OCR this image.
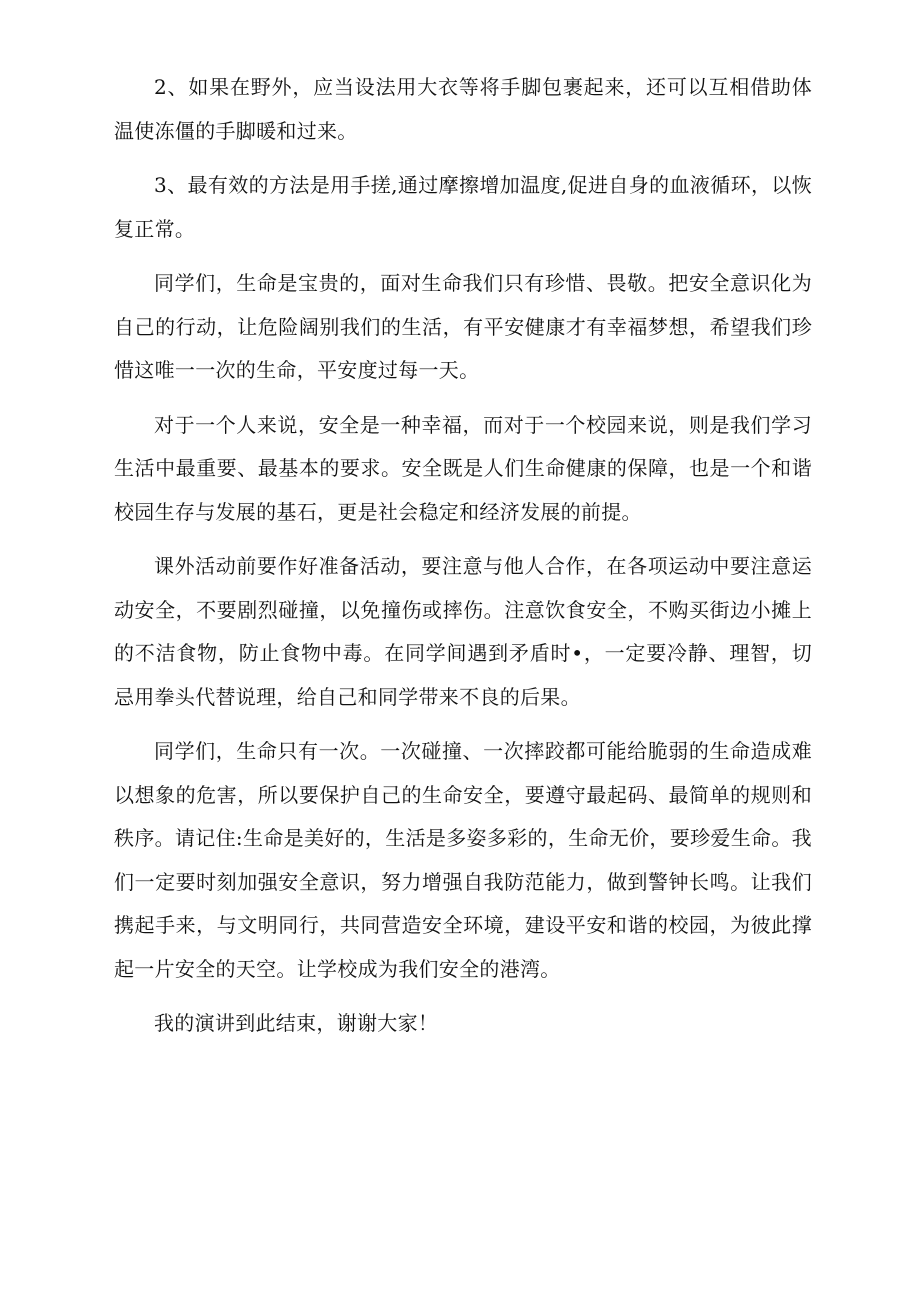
2、如果在野外，应当设法用大衣等将手脚包裹起来，还可以互相借助体温使冻僵的手脚暖和过来。

3、最有效的方法是用手搓,通过摩擦增加温度,促进自身的血液循环，以恢复正常。

同学们，生命是宝贵的，面对生命我们只有珍惜、畏敬。把安全意识化为自己的行动，让危险阔别我们的生活，有平安健康才有幸福梦想，希望我们珍惜这唯一一次的生命，平安度过每一天。

对于一个人来说，安全是一种幸福，而对于一个校园来说，则是我们学习生活中最重要、最基本的要求。安全既是人们生命健康的保障，也是一个和谐校园生存与发展的基石，更是社会稳定和经济发展的前提。

课外活动前要作好准备活动，要注意与他人合作，在各项运动中要注意运动安全，不要剧烈碰撞，以免撞伤或摔伤。注意饮食安全，不购买街边小摊上的不洁食物，防止食物中毒。在同学间遇到矛盾时•，一定要冷静、理智，切忌用拳头代替说理，给自己和同学带来不良的后果。

同学们，生命只有一次。一次碰撞、一次摔跤都可能给脆弱的生命造成难以想象的危害，所以要保护自己的生命安全，要遵守最起码、最简单的规则和秩序。请记住:生命是美好的，生活是多姿多彩的，生命无价，要珍爱生命。我们一定要时刻加强安全意识，努力增强自我防范能力，做到警钟长鸣。让我们携起手来，与文明同行，共同营造安全环境，建设平安和谐的校园，为彼此撑起一片安全的天空。让学校成为我们安全的港湾。

我的演讲到此结束，谢谢大家！
